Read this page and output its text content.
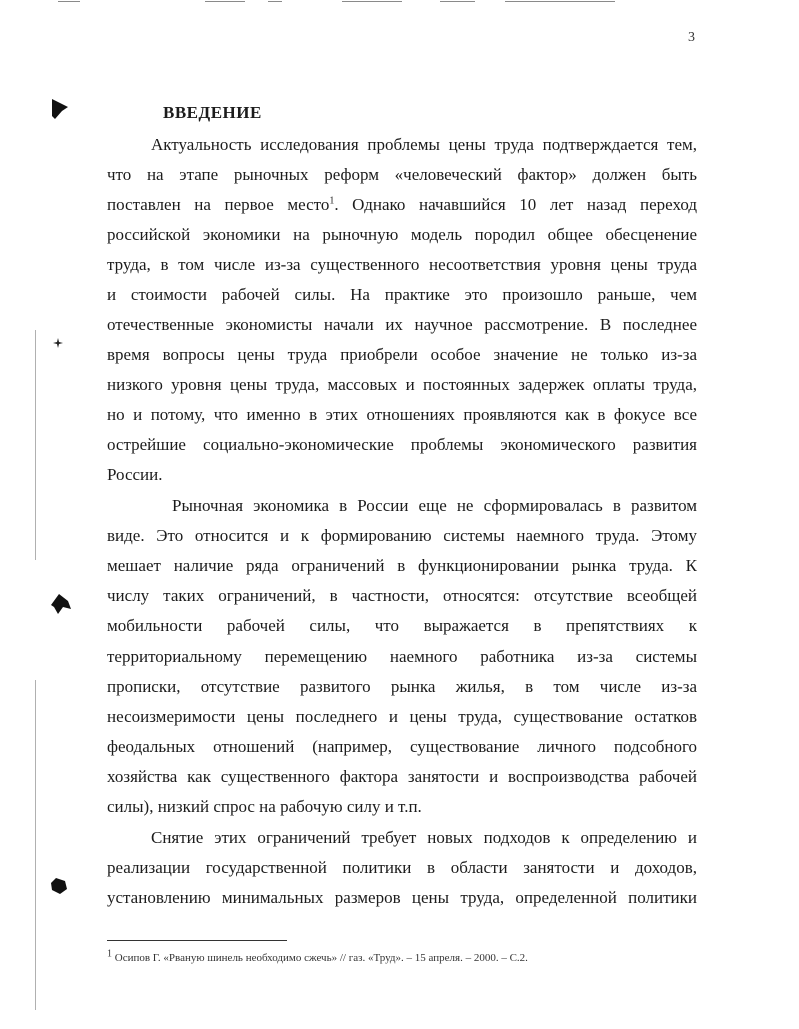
3
ВВЕДЕНИЕ
Актуальность исследования проблемы цены труда подтверждается тем,
что на этапе рыночных реформ «человеческий фактор» должен быть
поставлен на первое место$^1$. Однако начавшийся 10 лет назад переход
российской экономики на рыночную модель породил общее обесценение
труда, в том числе из-за существенного несоответствия уровня цены труда
и стоимости рабочей силы. На практике это произошло раньше, чем
отечественные экономисты начали их научное рассмотрение. В последнее
время вопросы цены труда приобрели особое значение не только из-за
низкого уровня цены труда, массовых и постоянных задержек оплаты труда,
но и потому, что именно в этих отношениях проявляются как в фокусе все
острейшие социально-экономические проблемы экономического развития
России.
Рыночная экономика в России еще не сформировалась в развитом
виде. Это относится и к формированию системы наемного труда. Этому
мешает наличие ряда ограничений в функционировании рынка труда. К
числу таких ограничений, в частности, относятся: отсутствие всеобщей
мобильности рабочей силы, что выражается в препятствиях к
территориальному перемещению наемного работника из-за системы
прописки, отсутствие развитого рынка жилья, в том числе из-за
несоизмеримости цены последнего и цены труда, существование остатков
феодальных отношений (например, существование личного подсобного
хозяйства как существенного фактора занятости и воспроизводства рабочей
силы), низкий спрос на рабочую силу и т.п.
Снятие этих ограничений требует новых подходов к определению и
реализации государственной политики в области занятости и доходов,
установлению минимальных размеров цены труда, определенной политики
$^1$ Осипов Г. «Рваную шинель необходимо сжечь» // газ. «Труд». – 15 апреля. – 2000. – С.2.
